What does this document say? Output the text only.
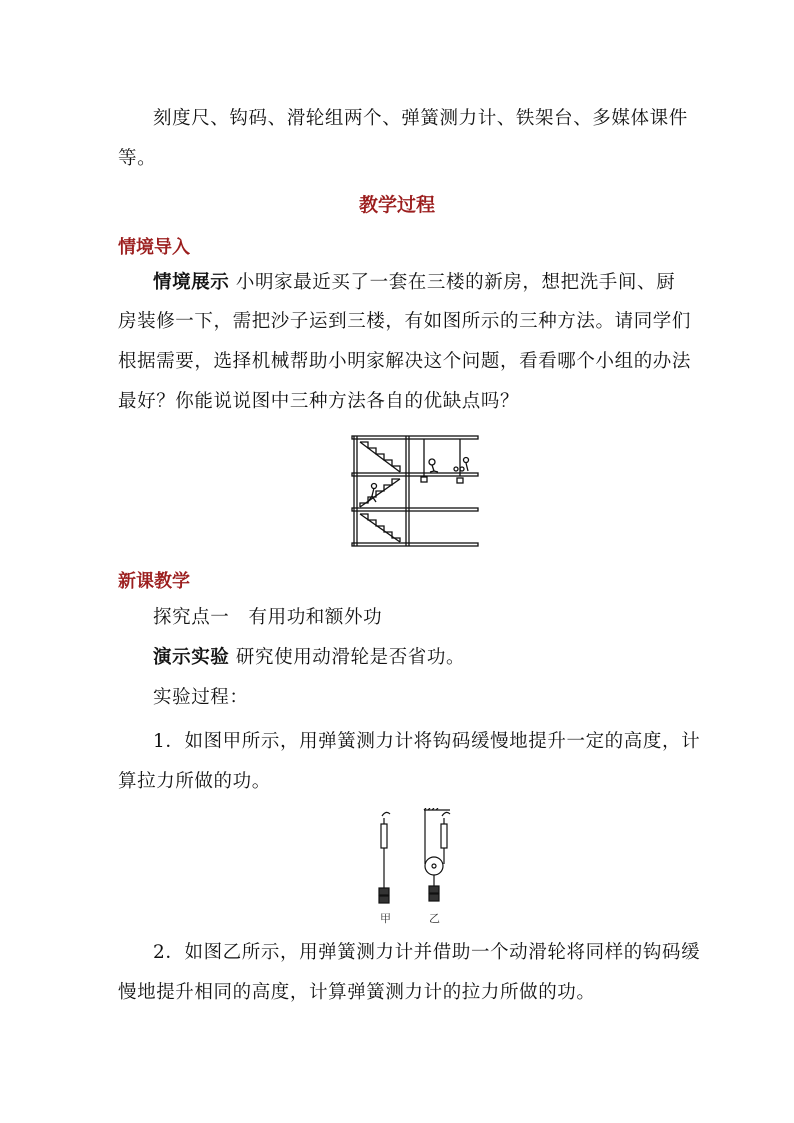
刻度尺、钩码、滑轮组两个、弹簧测力计、铁架台、多媒体课件
等。
教学过程
情境导入
情境展示 小明家最近买了一套在三楼的新房，想把洗手间、厨
房装修一下，需把沙子运到三楼，有如图所示的三种方法。请同学们
根据需要，选择机械帮助小明家解决这个问题，看看哪个小组的办法
最好？你能说说图中三种方法各自的优缺点吗？
新课教学
探究点一　有用功和额外功
演示实验 研究使用动滑轮是否省功。
实验过程：
1．如图甲所示，用弹簧测力计将钩码缓慢地提升一定的高度，计
算拉力所做的功。
甲	乙
2．如图乙所示，用弹簧测力计并借助一个动滑轮将同样的钩码缓
慢地提升相同的高度，计算弹簧测力计的拉力所做的功。
